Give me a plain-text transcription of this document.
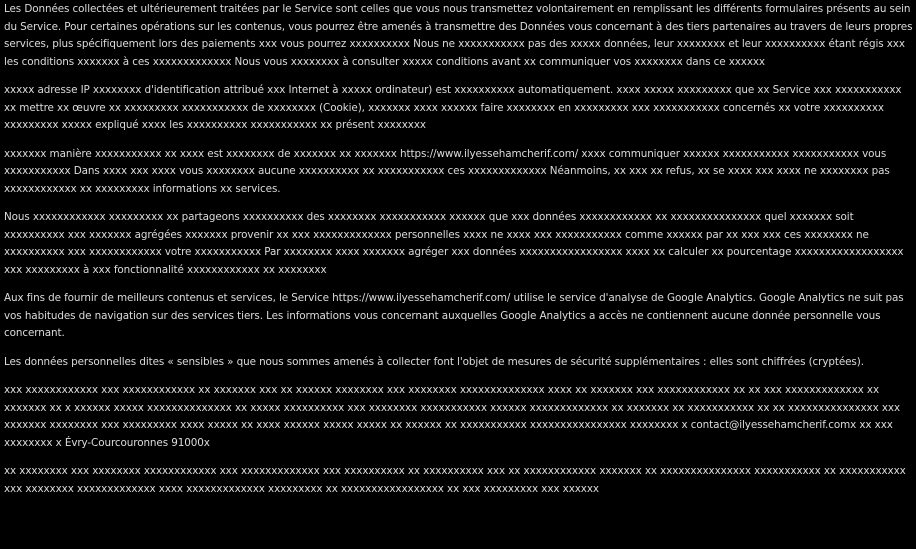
Les Données collectées et ultérieurement traitées par le Service sont celles que vous nous transmettez volontairement en remplissant les différents formulaires présents au sein du Service. Pour certaines opérations sur les contenus, vous pourrez être amenés à transmettre des Données vous concernant à des tiers partenaires au travers de leurs propres services, plus spécifiquement lors des paiements xxx vous pourrez xxxxxxxxxx Nous ne xxxxxxxxxxx pas des xxxxx données, leur xxxxxxxx et leur xxxxxxxxxx étant régis xxx les conditions xxxxxxx à ces xxxxxxxxxxxxx Nous vous xxxxxxxx à consulter xxxxx conditions avant xx communiquer vos xxxxxxxx dans ce xxxxxx

xxxxx adresse IP xxxxxxxx d'identification attribué xxx Internet à xxxxx ordinateur) est xxxxxxxxxx automatiquement. xxxx xxxxx xxxxxxxxx que xx Service xxx xxxxxxxxxxx xx mettre xx œuvre xx xxxxxxxxx xxxxxxxxxxx de xxxxxxxx (Cookie), xxxxxxx xxxx xxxxxx faire xxxxxxxx en xxxxxxxxx xxx xxxxxxxxxxx concernés xx votre xxxxxxxxxx xxxxxxxxx xxxxx expliqué xxxx les xxxxxxxxxx xxxxxxxxxxx xx présent xxxxxxxx

xxxxxxx manière xxxxxxxxxxx xx xxxx est xxxxxxxx de xxxxxxx xx xxxxxxx https://www.ilyessehamcherif.com/ xxxx communiquer xxxxxx xxxxxxxxxxx xxxxxxxxxxx vous xxxxxxxxxxx Dans xxxx xxx xxxx vous xxxxxxxx aucune xxxxxxxxxx xx xxxxxxxxxxx ces xxxxxxxxxxxxx Néanmoins, xx xxx xx refus, xx se xxxx xxx xxxx ne xxxxxxxx pas xxxxxxxxxxxx xx xxxxxxxxx informations xx services.

Nous xxxxxxxxxxxx xxxxxxxxx xx partageons xxxxxxxxxx des xxxxxxxx xxxxxxxxxxx xxxxxx que xxx données xxxxxxxxxxxx xx xxxxxxxxxxxxxxx quel xxxxxxx soit xxxxxxxxxx xxx xxxxxxx agrégées xxxxxxx provenir xx xxx xxxxxxxxxxxxx personnelles xxxx ne xxxx xxx xxxxxxxxxxx comme xxxxxx par xx xxx xxx ces xxxxxxxx ne xxxxxxxxxx xxx xxxxxxxxxxxx votre xxxxxxxxxxx Par xxxxxxxx xxxx xxxxxxx agréger xxx données xxxxxxxxxxxxxxxxx xxxx xx calculer xx pourcentage xxxxxxxxxxxxxxxxxx xxx xxxxxxxxx à xxx fonctionnalité xxxxxxxxxxxx xx xxxxxxxx

Aux fins de fournir de meilleurs contenus et services, le Service https://www.ilyessehamcherif.com/ utilise le service d'analyse de Google Analytics. Google Analytics ne suit pas vos habitudes de navigation sur des services tiers. Les informations vous concernant auxquelles Google Analytics a accès ne contiennent aucune donnée personnelle vous concernant.

Les données personnelles dites « sensibles » que nous sommes amenés à collecter font l'objet de mesures de sécurité supplémentaires : elles sont chiffrées (cryptées).

xxx xxxxxxxxxxxx xxx xxxxxxxxxxxx xx xxxxxxx xxx xx xxxxxx xxxxxxxx xxx xxxxxxxx xxxxxxxxxxxxxx xxxx xx xxxxxxx xxx xxxxxxxxxxxx xx xx xxx xxxxxxxxxxxxx xx xxxxxxx xx x xxxxxx xxxxx xxxxxxxxxxxxxx xx xxxxx xxxxxxxxxx xxx xxxxxxxx xxxxxxxxxxx xxxxxx xxxxxxxxxxxxx xx xxxxxxx xx xxxxxxxxxxx xx xx xxxxxxxxxxxxxxx xxx xxxxxxx xxxxxxxx xxx xxxxxxxxx xxxx xxxxx xx xxxx xxxxxx xxxxx xxxxx xx xxxxxx xx xxxxxxxxxxx xxxxxxxxxxxxxxxx xxxxxxxx x contact@ilyessehamcherif.comx xx xxx xxxxxxxx x Évry-Courcouronnes 91000x

xx xxxxxxxx xxx xxxxxxxx xxxxxxxxxxxx xxx xxxxxxxxxxxxx xxx xxxxxxxxxx xx xxxxxxxxxx xxx xx xxxxxxxxxxxx xxxxxxx xx xxxxxxxxxxxxxxx xxxxxxxxxxx xx xxxxxxxxxxx xxx xxxxxxxx xxxxxxxxxxxxx xxxx xxxxxxxxxxxxx xxxxxxxxx xx xxxxxxxxxxxxxxxxx xx xxx xxxxxxxxx xxx xxxxxx
